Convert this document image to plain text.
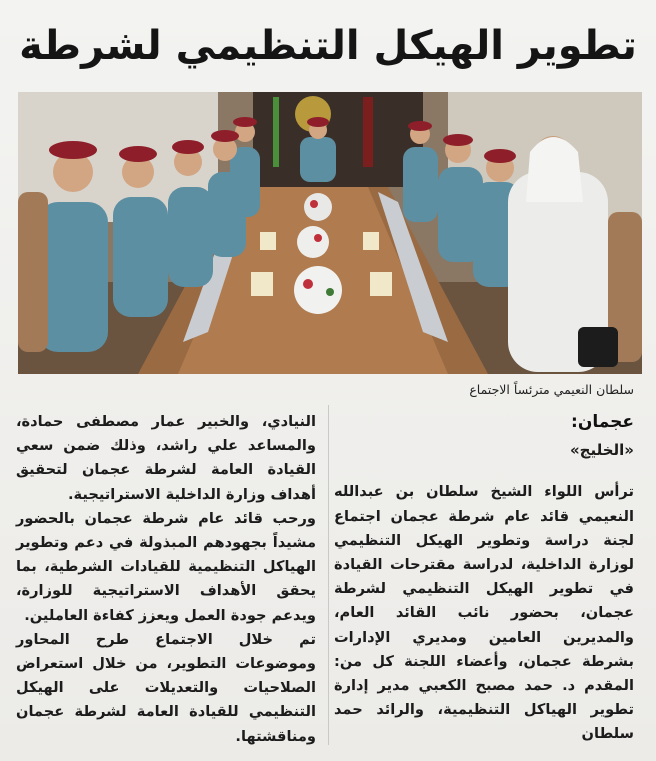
تطوير الهيكل التنظيمي لشرطة
سلطان النعيمي مترئساً الاجتماع
عجمان:
«الخليج»

ترأس اللواء الشيخ سلطان بن عبدالله النعيمي قائد عام شرطة عجمان اجتماع لجنة دراسة وتطوير الهيكل التنظيمي لوزارة الداخلية، لدراسة مقترحات القيادة في تطوير الهيكل التنظيمي لشرطة عجمان، بحضور نائب القائد العام، والمديرين العامين ومديري الإدارات بشرطة عجمان، وأعضاء اللجنة كل من: المقدم د. حمد مصبح الكعبي مدير إدارة تطوير الهياكل التنظيمية، والرائد حمد سلطان

النيادي، والخبير عمار مصطفى حمادة، والمساعد علي راشد، وذلك ضمن سعي القيادة العامة لشرطة عجمان لتحقيق أهداف وزارة الداخلية الاستراتيجية.

ورحب قائد عام شرطة عجمان بالحضور مشيداً بجهودهم المبذولة في دعم وتطوير الهياكل التنظيمية للقيادات الشرطية، بما يحقق الأهداف الاستراتيجية للوزارة، ويدعم جودة العمل ويعزز كفاءة العاملين.

تم خلال الاجتماع طرح المحاور وموضوعات التطوير، من خلال استعراض الصلاحيات والتعديلات على الهيكل التنظيمي للقيادة العامة لشرطة عجمان ومناقشتها.
